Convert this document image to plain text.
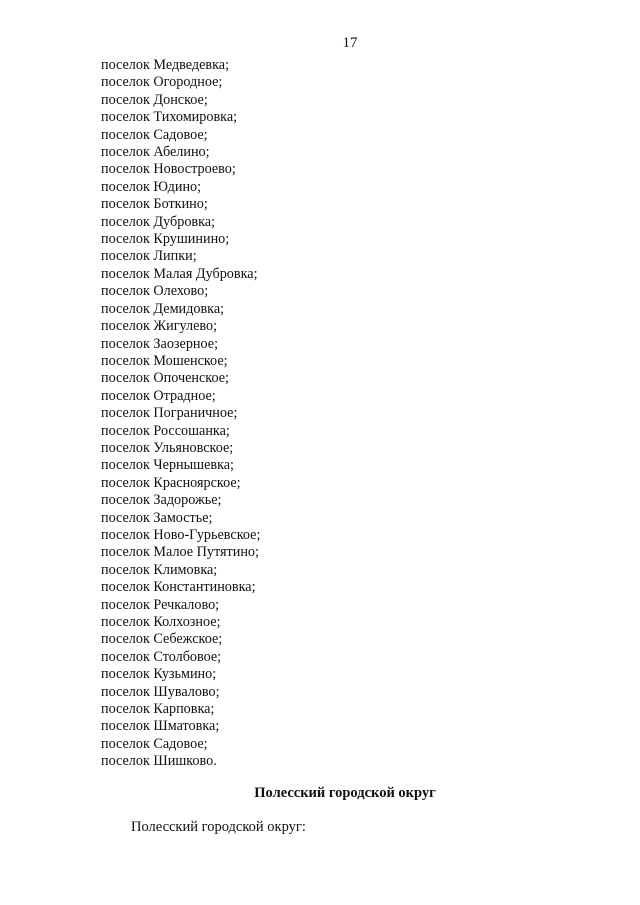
17
поселок Медведевка;
поселок Огородное;
поселок Донское;
поселок Тихомировка;
поселок Садовое;
поселок Абелино;
поселок Новостроево;
поселок Юдино;
поселок Боткино;
поселок Дубровка;
поселок Крушинино;
поселок Липки;
поселок Малая Дубровка;
поселок Олехово;
поселок Демидовка;
поселок Жигулево;
поселок Заозерное;
поселок Мошенское;
поселок Опоченское;
поселок Отрадное;
поселок Пограничное;
поселок Россошанка;
поселок Ульяновское;
поселок Чернышевка;
поселок Красноярское;
поселок Задорожье;
поселок Замостье;
поселок Ново-Гурьевское;
поселок Малое Путятино;
поселок Климовка;
поселок Константиновка;
поселок Речкалово;
поселок Колхозное;
поселок Себежское;
поселок Столбовое;
поселок Кузьмино;
поселок Шувалово;
поселок Карповка;
поселок Шматовка;
поселок Садовое;
поселок Шишково.
Полесский городской округ
Полесский городской округ:
